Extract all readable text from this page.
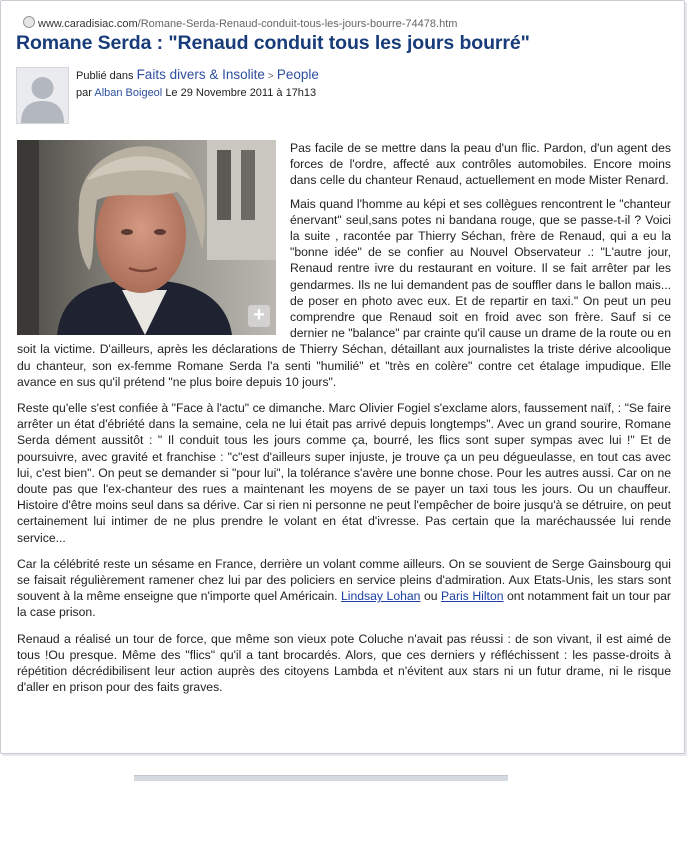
www.caradisiac.com/Romane-Serda-Renaud-conduit-tous-les-jours-bourre-74478.htm
Romane Serda : "Renaud conduit tous les jours bourré"
Publié dans Faits divers & Insolite > People
par Alban Boigeol Le 29 Novembre 2011 à 17h13

Pas facile de se mettre dans la peau d'un flic. Pardon, d'un agent des forces de l'ordre, affecté aux contrôles automobiles. Encore moins dans celle du chanteur Renaud, actuellement en mode Mister Renard.

Mais quand l'homme au képi et ses collègues rencontrent le "chanteur énervant" seul,sans potes ni bandana rouge, que se passe-t-il ? Voici la suite , racontée par Thierry Séchan, frère de Renaud, qui a eu la "bonne idée" de se confier au Nouvel Observateur .: "L'autre jour, Renaud rentre ivre du restaurant en voiture. Il se fait arrêter par les gendarmes. Ils ne lui demandent pas de souffler dans le ballon mais... de poser en photo avec eux. Et de repartir en taxi." On peut un peu comprendre que Renaud soit en froid avec son frère. Sauf si ce dernier ne "balance" par crainte qu'il cause un drame de la route ou en soit la victime. D'ailleurs, après les déclarations de Thierry Séchan, détaillant aux journalistes la triste dérive alcoolique du chanteur, son ex-femme Romane Serda l'a senti "humilié" et "très en colère" contre cet étalage impudique. Elle avance en sus qu'il prétend "ne plus boire depuis 10 jours".

Reste qu'elle s'est confiée à "Face à l'actu" ce dimanche. Marc Olivier Fogiel s'exclame alors, faussement naïf, : "Se faire arrêter un état d'ébriété dans la semaine, cela ne lui était pas arrivé depuis longtemps". Avec un grand sourire, Romane Serda dément aussitôt : " Il conduit tous les jours comme ça, bourré, les flics sont super sympas avec lui !" Et de poursuivre, avec gravité et franchise : "c"est d'ailleurs super injuste, je trouve ça un peu dégueulasse, en tout cas avec lui, c'est bien". On peut se demander si "pour lui", la tolérance s'avère une bonne chose. Pour les autres aussi. Car on ne doute pas que l'ex-chanteur des rues a maintenant les moyens de se payer un taxi tous les jours. Ou un chauffeur. Histoire d'être moins seul dans sa dérive. Car si rien ni personne ne peut l'empêcher de boire jusqu'à se détruire, on peut certainement lui intimer de ne plus prendre le volant en état d'ivresse. Pas certain que la maréchaussée lui rende service...

Car la célébrité reste un sésame en France, derrière un volant comme ailleurs. On se souvient de Serge Gainsbourg qui se faisait régulièrement ramener chez lui par des policiers en service pleins d'admiration. Aux Etats-Unis, les stars sont souvent à la même enseigne que n'importe quel Américain. Lindsay Lohan ou Paris Hilton ont notamment fait un tour par la case prison.

Renaud a réalisé un tour de force, que même son vieux pote Coluche n'avait pas réussi : de son vivant, il est aimé de tous !Ou presque. Même des "flics" qu'il a tant brocardés. Alors, que ces derniers y réfléchissent : les passe-droits à répétition décrédibilisent leur action auprès des citoyens Lambda et n'évitent aux stars ni un futur drame, ni le risque d'aller en prison pour des faits graves.

+
